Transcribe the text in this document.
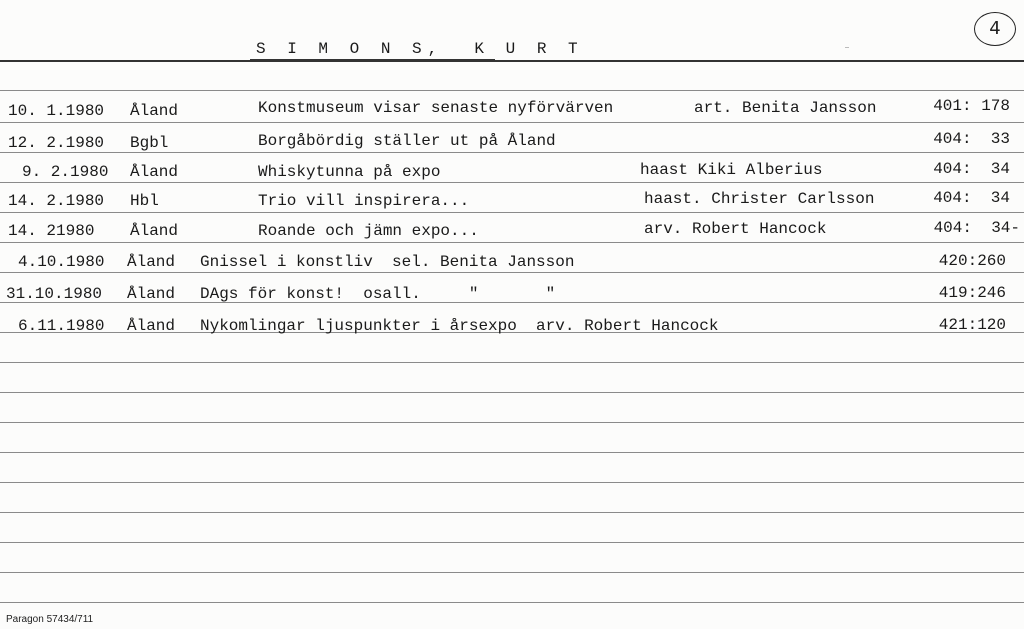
S I M O N S,  K U R T
4
10. 1.1980 Åland	Konstmuseum visar senaste nyförvärven	art. Benita Jansson	401: 178
12. 2.1980 Bgbl	Borgåbördig ställer ut på Åland	404:  33
9. 2.1980 Åland	Whiskytunna på expo	haast Kiki Alberius	404:  34
14. 2.1980 Hbl	Trio vill inspirera...	haast. Christer Carlsson	404:  34
14. 21980 Åland	Roande och jämn expo...	arv. Robert Hancock	404:  34-
4.10.1980 Åland Gnissel i konstliv  sel. Benita Jansson	420:260
31.10.1980 Åland DAgs för konst!  osall.     "       "	419:246
6.11.1980 Åland Nykomlingar ljuspunkter i årsexpo  arv. Robert Hancock	421:120
Paragon 57434/711
